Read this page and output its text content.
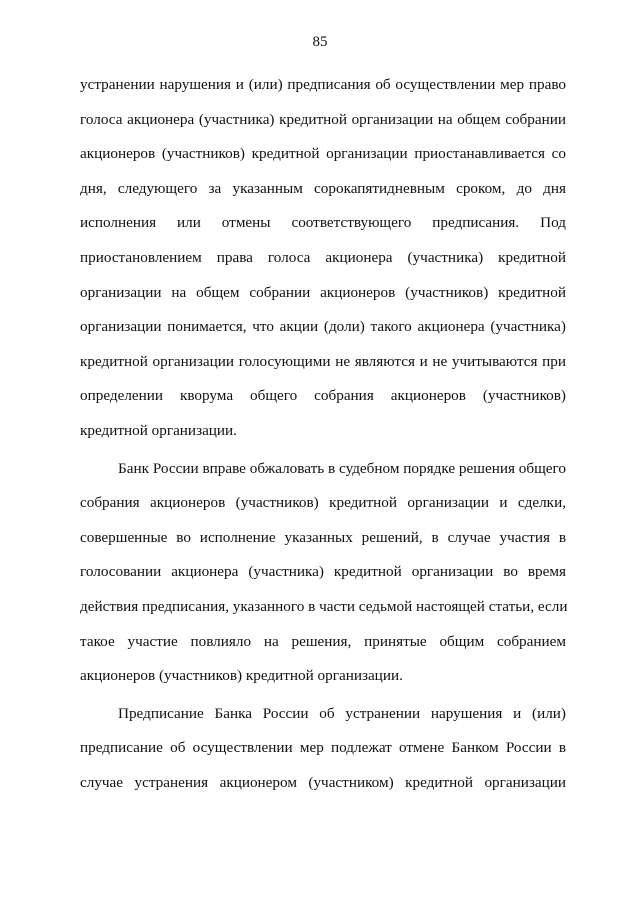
85
устранении нарушения и (или) предписания об осуществлении мер право
голоса акционера (участника) кредитной организации на общем собрании
акционеров (участников) кредитной организации приостанавливается со
дня, следующего за указанным сорокапятидневным сроком, до дня
исполнения или отмены соответствующего предписания. Под
приостановлением права голоса акционера (участника) кредитной
организации на общем собрании акционеров (участников) кредитной
организации понимается, что акции (доли) такого акционера (участника)
кредитной организации голосующими не являются и не учитываются при
определении кворума общего собрания акционеров (участников)
кредитной организации.
Банк России вправе обжаловать в судебном порядке решения общего
собрания акционеров (участников) кредитной организации и сделки,
совершенные во исполнение указанных решений, в случае участия в
голосовании акционера (участника) кредитной организации во время
действия предписания, указанного в части седьмой настоящей статьи, если
такое участие повлияло на решения, принятые общим собранием
акционеров (участников) кредитной организации.
Предписание Банка России об устранении нарушения и (или)
предписание об осуществлении мер подлежат отмене Банком России в
случае устранения акционером (участником) кредитной организации
